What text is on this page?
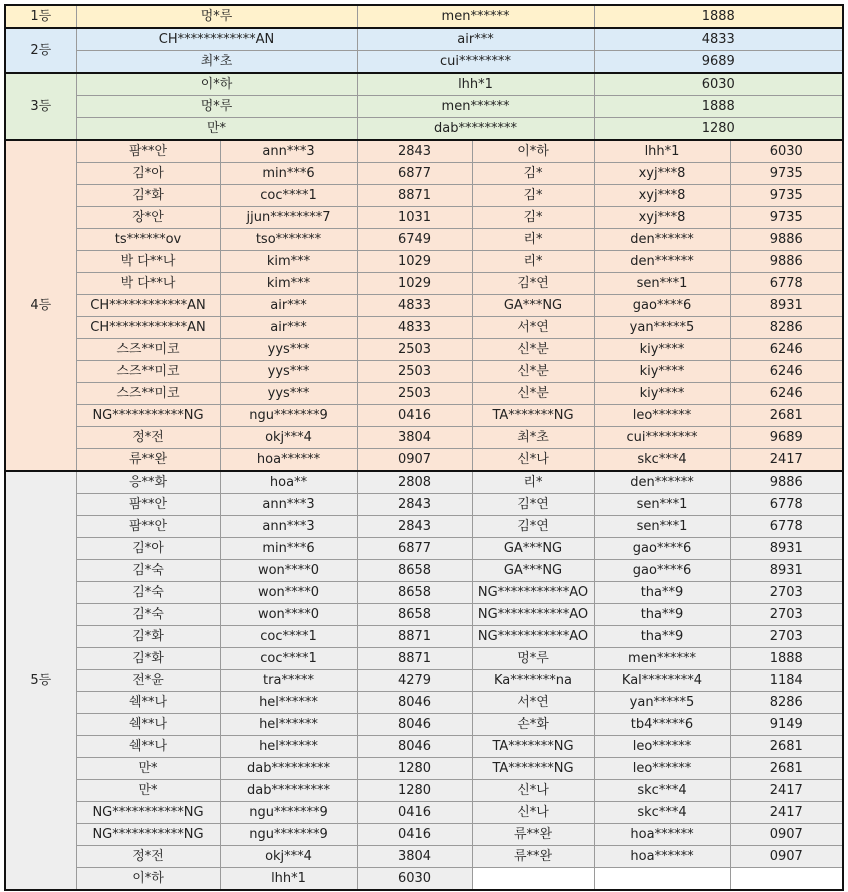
1등	멍*루		men******		1888	
2등	CH************AN		air***		4833	
	최*초		cui********		9689	
3등	이*하		lhh*1		6030	
	멍*루		men******		1888	
	만*		dab*********		1280	
4등	팜**안	ann***3	2843	이*하	lhh*1	6030
	김*아	min***6	6877	김*	xyj***8	9735
	김*화	coc****1	8871	김*	xyj***8	9735
	장*안	jjun********7	1031	김*	xyj***8	9735
	ts******ov	tso*******	6749	리*	den******	9886
	박 다**나	kim***	1029	리*	den******	9886
	박 다**나	kim***	1029	김*연	sen***1	6778
	CH************AN	air***	4833	GA***NG	gao****6	8931
	CH************AN	air***	4833	서*연	yan*****5	8286
	스즈**미코	yys***	2503	신*분	kiy****	6246
	스즈**미코	yys***	2503	신*분	kiy****	6246
	스즈**미코	yys***	2503	신*분	kiy****	6246
	NG***********NG	ngu*******9	0416	TA*******NG	leo******	2681
	정*전	okj***4	3804	최*초	cui********	9689
	류**완	hoa******	0907	신*나	skc***4	2417
5등	응**화	hoa**	2808	리*	den******	9886
	팜**안	ann***3	2843	김*연	sen***1	6778
	팜**안	ann***3	2843	김*연	sen***1	6778
	김*아	min***6	6877	GA***NG	gao****6	8931
	김*숙	won****0	8658	GA***NG	gao****6	8931
	김*숙	won****0	8658	NG***********AO	tha**9	2703
	김*숙	won****0	8658	NG***********AO	tha**9	2703
	김*화	coc****1	8871	NG***********AO	tha**9	2703
	김*화	coc****1	8871	멍*루	men******	1888
	전*윤	tra*****	4279	Ka*******na	Kal********4	1184
	쉑**나	hel******	8046	서*연	yan*****5	8286
	쉑**나	hel******	8046	손*화	tb4*****6	9149
	쉑**나	hel******	8046	TA*******NG	leo******	2681
	만*	dab*********	1280	TA*******NG	leo******	2681
	만*	dab*********	1280	신*나	skc***4	2417
	NG***********NG	ngu*******9	0416	신*나	skc***4	2417
	NG***********NG	ngu*******9	0416	류**완	hoa******	0907
	정*전	okj***4	3804	류**완	hoa******	0907
	이*하	lhh*1	6030			
